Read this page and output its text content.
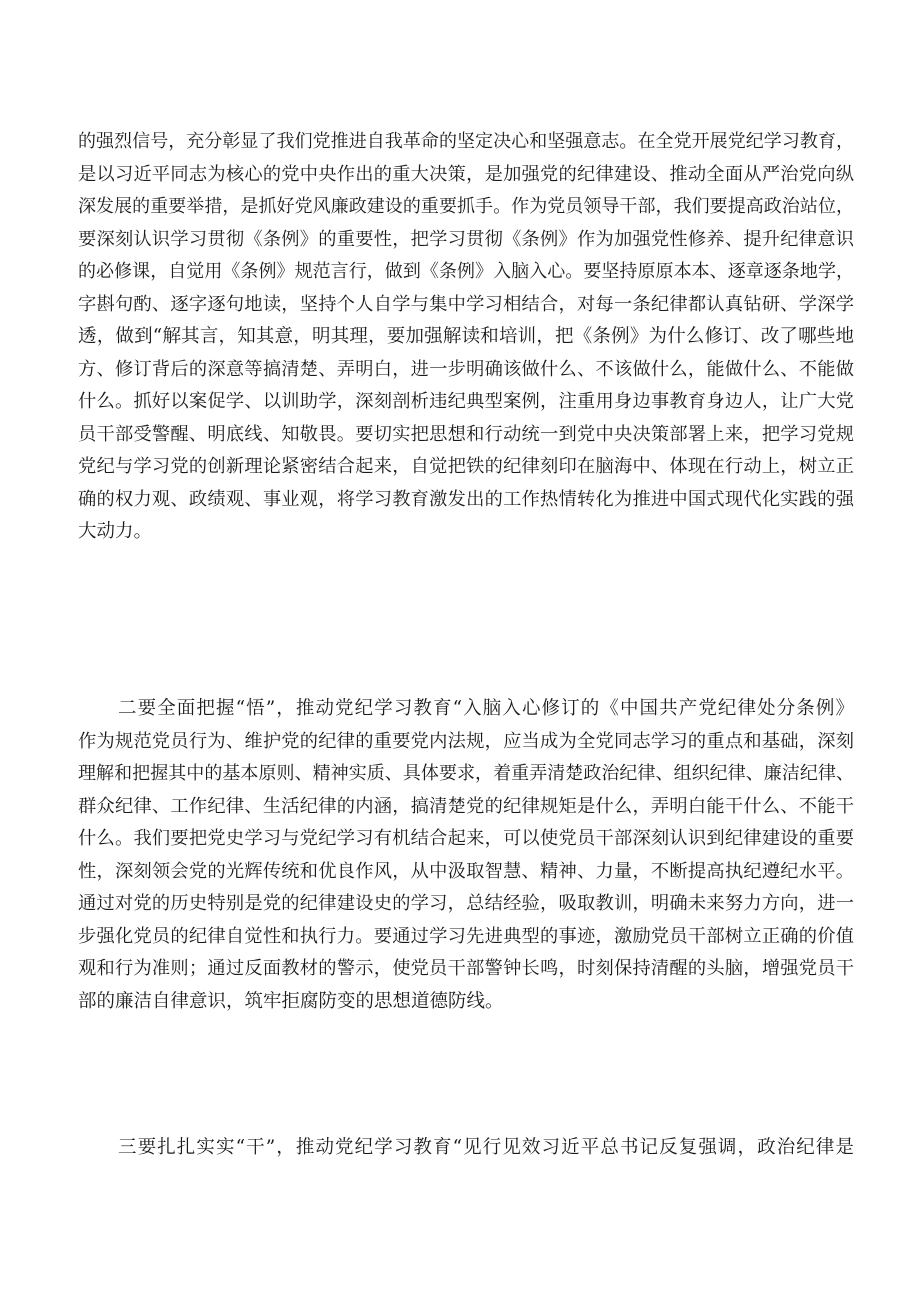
的强烈信号，充分彰显了我们党推进自我革命的坚定决心和坚强意志。在全党开展党纪学习教育，
是以习近平同志为核心的党中央作出的重大决策，是加强党的纪律建设、推动全面从严治党向纵
深发展的重要举措，是抓好党风廉政建设的重要抓手。作为党员领导干部，我们要提高政治站位，
要深刻认识学习贯彻《条例》的重要性，把学习贯彻《条例》作为加强党性修养、提升纪律意识
的必修课，自觉用《条例》规范言行，做到《条例》入脑入心。要坚持原原本本、逐章逐条地学，
字斟句酌、逐字逐句地读，坚持个人自学与集中学习相结合，对每一条纪律都认真钻研、学深学
透，做到“解其言，知其意，明其理，要加强解读和培训，把《条例》为什么修订、改了哪些地
方、修订背后的深意等搞清楚、弄明白，进一步明确该做什么、不该做什么，能做什么、不能做
什么。抓好以案促学、以训助学，深刻剖析违纪典型案例，注重用身边事教育身边人，让广大党
员干部受警醒、明底线、知敬畏。要切实把思想和行动统一到党中央决策部署上来，把学习党规
党纪与学习党的创新理论紧密结合起来，自觉把铁的纪律刻印在脑海中、体现在行动上，树立正
确的权力观、政绩观、事业观，将学习教育激发出的工作热情转化为推进中国式现代化实践的强
大动力。
二要全面把握“悟”，推动党纪学习教育“入脑入心修订的《中国共产党纪律处分条例》
作为规范党员行为、维护党的纪律的重要党内法规，应当成为全党同志学习的重点和基础，深刻
理解和把握其中的基本原则、精神实质、具体要求，着重弄清楚政治纪律、组织纪律、廉洁纪律、
群众纪律、工作纪律、生活纪律的内涵，搞清楚党的纪律规矩是什么，弄明白能干什么、不能干
什么。我们要把党史学习与党纪学习有机结合起来，可以使党员干部深刻认识到纪律建设的重要
性，深刻领会党的光辉传统和优良作风，从中汲取智慧、精神、力量，不断提高执纪遵纪水平。
通过对党的历史特别是党的纪律建设史的学习，总结经验，吸取教训，明确未来努力方向，进一
步强化党员的纪律自觉性和执行力。要通过学习先进典型的事迹，激励党员干部树立正确的价值
观和行为准则；通过反面教材的警示，使党员干部警钟长鸣，时刻保持清醒的头脑，增强党员干
部的廉洁自律意识，筑牢拒腐防变的思想道德防线。
三要扎扎实实“干”，推动党纪学习教育“见行见效习近平总书记反复强调，政治纪律是
